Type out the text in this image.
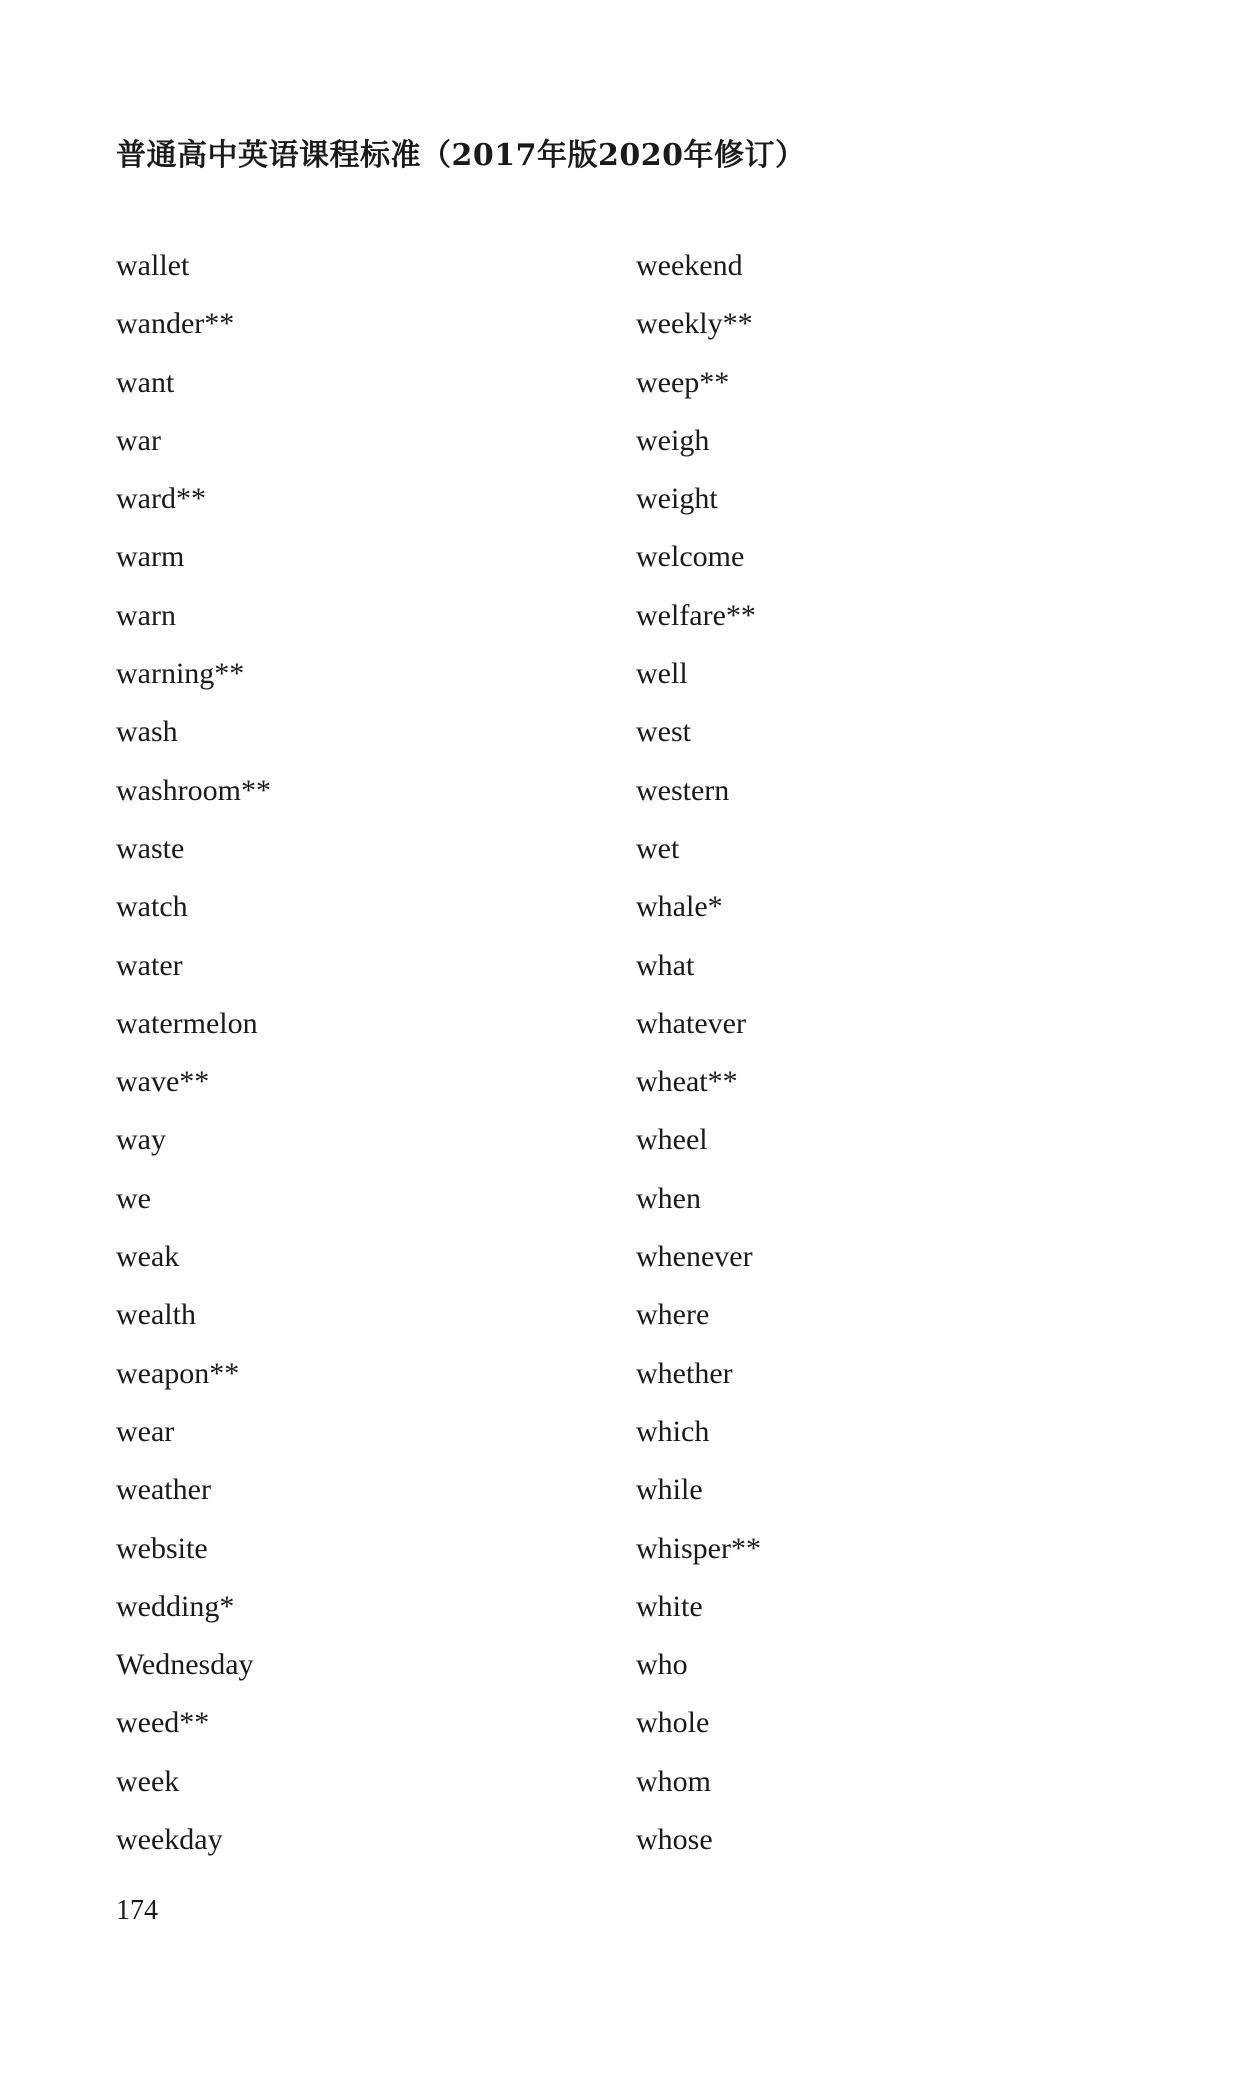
普通高中英语课程标准（2017年版2020年修订）
wallet
wander**
want
war
ward**
warm
warn
warning**
wash
washroom**
waste
watch
water
watermelon
wave**
way
we
weak
wealth
weapon**
wear
weather
website
wedding*
Wednesday
weed**
week
weekday
weekend
weekly**
weep**
weigh
weight
welcome
welfare**
well
west
western
wet
whale*
what
whatever
wheat**
wheel
when
whenever
where
whether
which
while
whisper**
white
who
whole
whom
whose
174
